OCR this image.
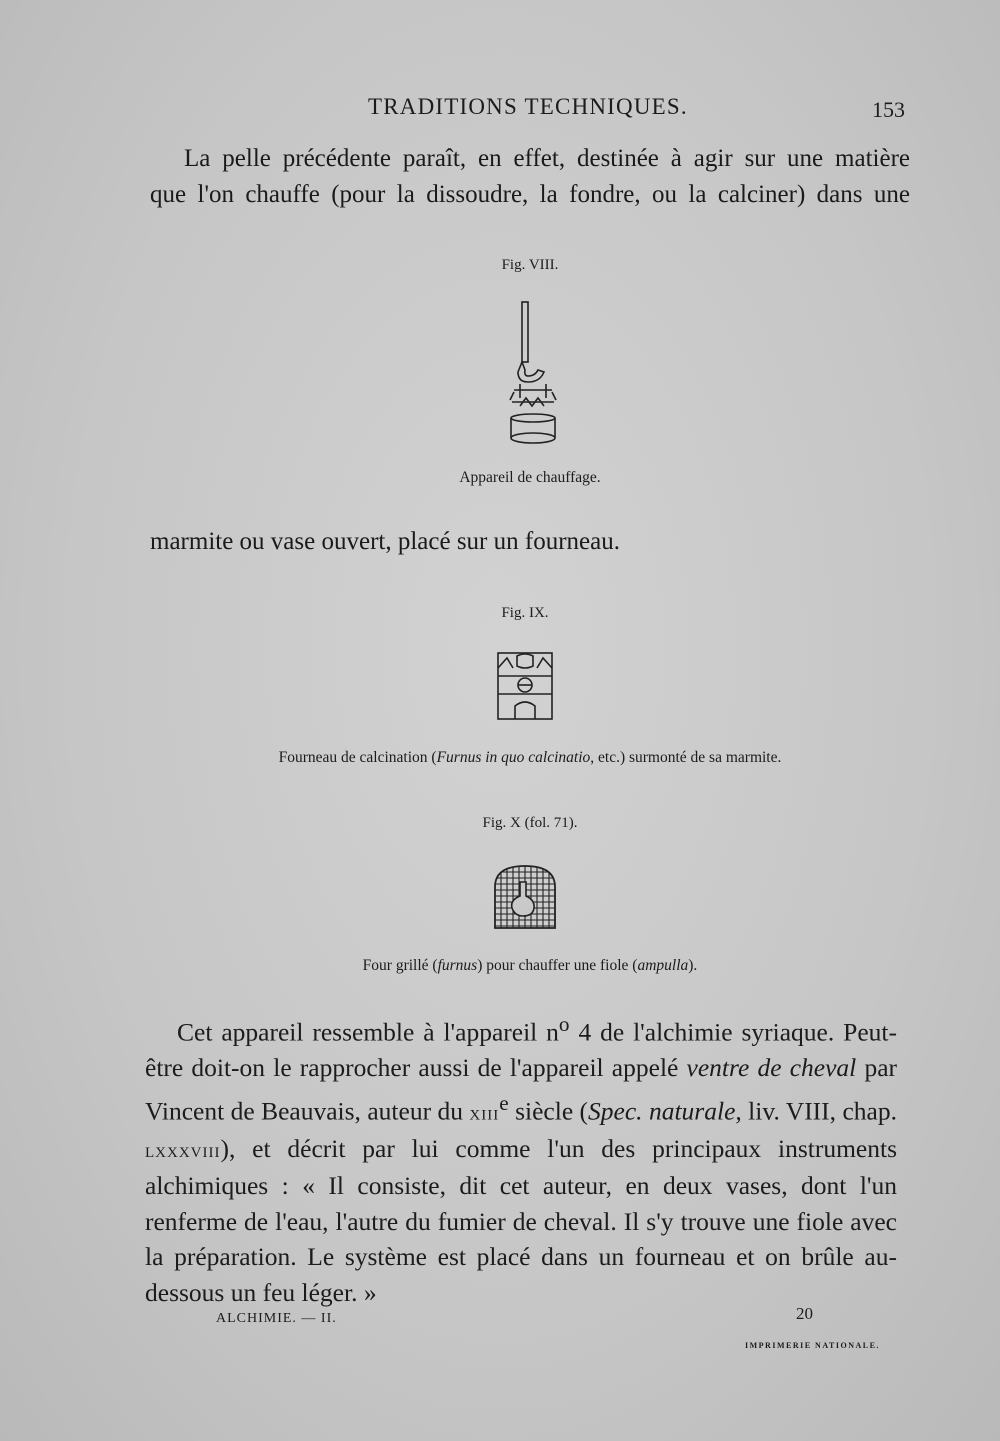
TRADITIONS TECHNIQUES.	153
La pelle précédente paraît, en effet, destinée à agir sur une matière
que l'on chauffe (pour la dissoudre, la fondre, ou la calciner) dans une
Fig. VIII.
Appareil de chauffage.
marmite ou vase ouvert, placé sur un fourneau.
Fig. IX.
Fourneau de calcination (Furnus in quo calcinatio, etc.) surmonté de sa marmite.
Fig. X (fol. 71).
Four grillé (furnus) pour chauffer une fiole (ampulla).
Cet appareil ressemble à l'appareil $n^o$ 4 de l'alchimie syriaque. Peut-être doit-on le rapprocher aussi de l'appareil appelé ventre de cheval par Vincent de Beauvais, auteur du xiii$^e$ siècle (Spec. naturale, liv. VIII, chap. lxxxviii), et décrit par lui comme l'un des principaux instruments alchimiques : « Il consiste, dit cet auteur, en deux vases, dont l'un renferme de l'eau, l'autre du fumier de cheval. Il s'y trouve une fiole avec la préparation. Le système est placé dans un fourneau et on brûle au-dessous un feu léger. »
ALCHIMIE. — II.	20
IMPRIMERIE NATIONALE.
